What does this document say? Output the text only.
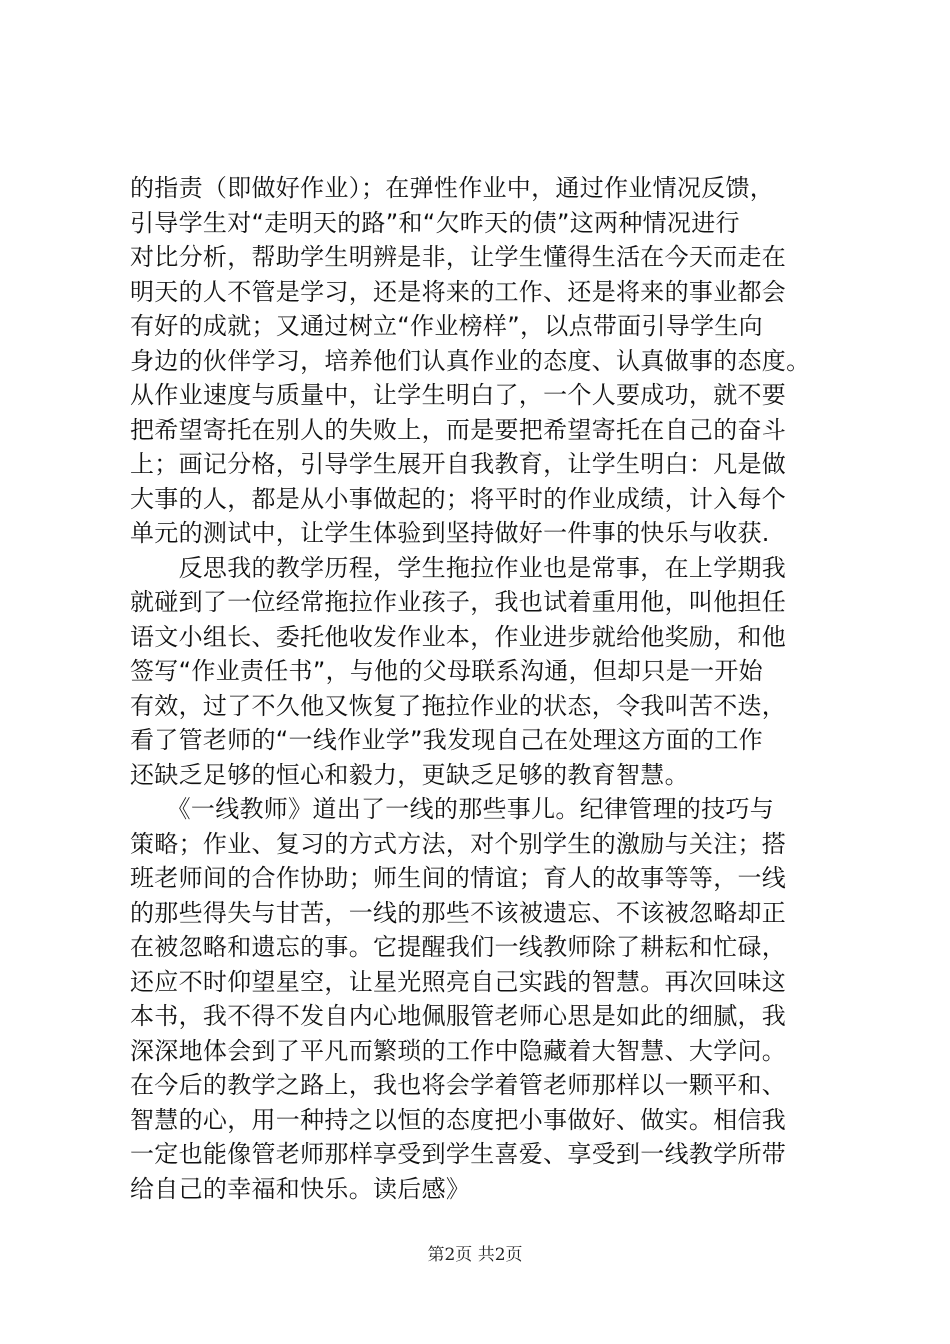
的指责（即做好作业）；在弹性作业中，通过作业情况反馈，
引导学生对“走明天的路”和“欠昨天的债”这两种情况进行
对比分析，帮助学生明辨是非，让学生懂得生活在今天而走在
明天的人不管是学习，还是将来的工作、还是将来的事业都会
有好的成就；又通过树立“作业榜样”，以点带面引导学生向
身边的伙伴学习，培养他们认真作业的态度、认真做事的态度。
从作业速度与质量中，让学生明白了，一个人要成功，就不要
把希望寄托在别人的失败上，而是要把希望寄托在自己的奋斗
上；画记分格，引导学生展开自我教育，让学生明白：凡是做
大事的人，都是从小事做起的；将平时的作业成绩，计入每个
单元的测试中，让学生体验到坚持做好一件事的快乐与收获.
　　反思我的教学历程，学生拖拉作业也是常事，在上学期我
就碰到了一位经常拖拉作业孩子，我也试着重用他，叫他担任
语文小组长、委托他收发作业本，作业进步就给他奖励，和他
签写“作业责任书”，与他的父母联系沟通，但却只是一开始
有效，过了不久他又恢复了拖拉作业的状态，令我叫苦不迭，
看了管老师的“一线作业学”我发现自己在处理这方面的工作
还缺乏足够的恒心和毅力，更缺乏足够的教育智慧。
　　《一线教师》道出了一线的那些事儿。纪律管理的技巧与
策略；作业、复习的方式方法，对个别学生的激励与关注；搭
班老师间的合作协助；师生间的情谊；育人的故事等等，一线
的那些得失与甘苦，一线的那些不该被遗忘、不该被忽略却正
在被忽略和遗忘的事。它提醒我们一线教师除了耕耘和忙碌，
还应不时仰望星空，让星光照亮自己实践的智慧。再次回味这
本书，我不得不发自内心地佩服管老师心思是如此的细腻，我
深深地体会到了平凡而繁琐的工作中隐藏着大智慧、大学问。
在今后的教学之路上，我也将会学着管老师那样以一颗平和、
智慧的心，用一种持之以恒的态度把小事做好、做实。相信我
一定也能像管老师那样享受到学生喜爱、享受到一线教学所带
给自己的幸福和快乐。读后感》
第2页 共2页
